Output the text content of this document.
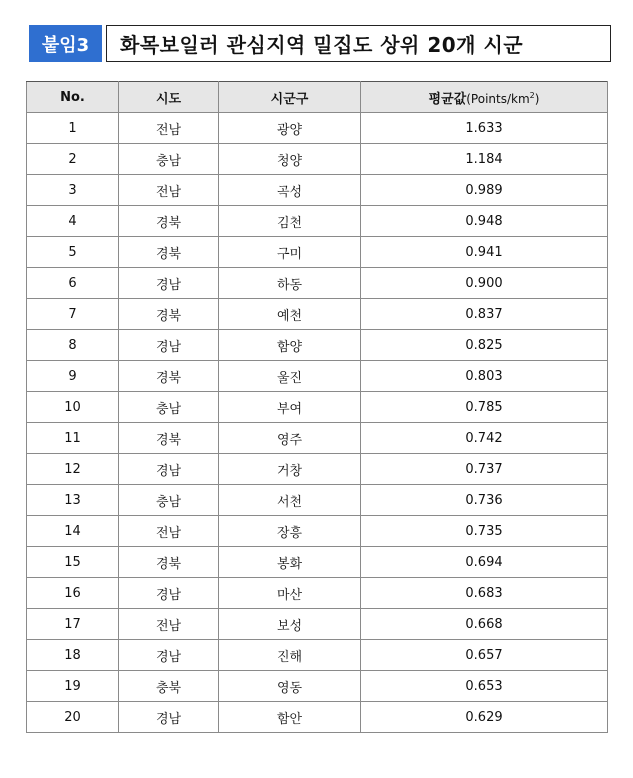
붙임3	화목보일러 관심지역 밀집도 상위 20개 시군
No.	시도	시군구	평균값$(Points/km^2)$
1	전남	광양	1.633
2	충남	청양	1.184
3	전남	곡성	0.989
4	경북	김천	0.948
5	경북	구미	0.941
6	경남	하동	0.900
7	경북	예천	0.837
8	경남	함양	0.825
9	경북	울진	0.803
10	충남	부여	0.785
11	경북	영주	0.742
12	경남	거창	0.737
13	충남	서천	0.736
14	전남	장흥	0.735
15	경북	봉화	0.694
16	경남	마산	0.683
17	전남	보성	0.668
18	경남	진해	0.657
19	충북	영동	0.653
20	경남	함안	0.629
